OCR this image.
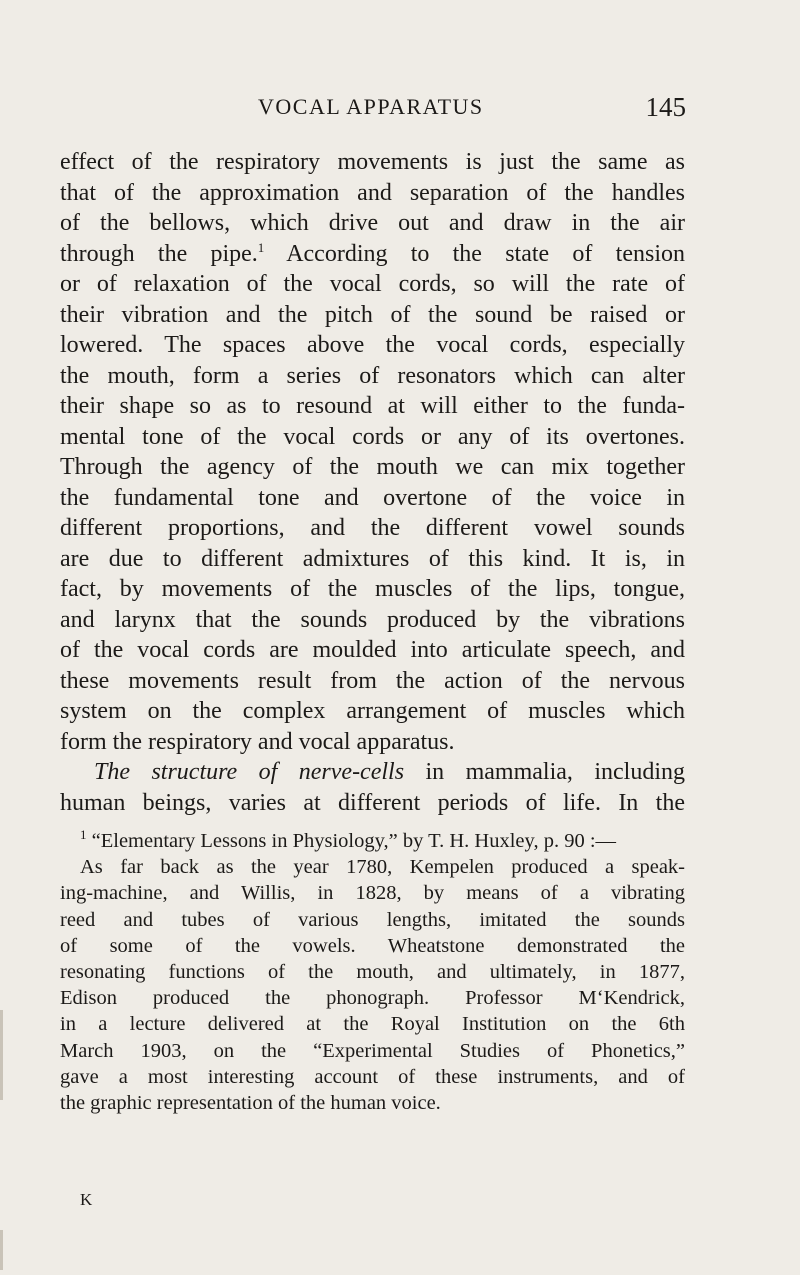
VOCAL APPARATUS	145
effect of the respiratory movements is just the same as
that of the approximation and separation of the handles
of the bellows, which drive out and draw in the air
through the pipe.$^1$ According to the state of tension
or of relaxation of the vocal cords, so will the rate of
their vibration and the pitch of the sound be raised or
lowered. The spaces above the vocal cords, especially
the mouth, form a series of resonators which can alter
their shape so as to resound at will either to the funda-
mental tone of the vocal cords or any of its overtones.
Through the agency of the mouth we can mix together
the fundamental tone and overtone of the voice in
different proportions, and the different vowel sounds
are due to different admixtures of this kind. It is, in
fact, by movements of the muscles of the lips, tongue,
and larynx that the sounds produced by the vibrations
of the vocal cords are moulded into articulate speech, and
these movements result from the action of the nervous
system on the complex arrangement of muscles which
form the respiratory and vocal apparatus.
The structure of nerve-cells in mammalia, including
human beings, varies at different periods of life. In the
$^1$ “Elementary Lessons in Physiology,” by T. H. Huxley, p. 90 :—
As far back as the year 1780, Kempelen produced a speak-
ing-machine, and Willis, in 1828, by means of a vibrating
reed and tubes of various lengths, imitated the sounds
of some of the vowels. Wheatstone demonstrated the
resonating functions of the mouth, and ultimately, in 1877,
Edison produced the phonograph. Professor M‘Kendrick,
in a lecture delivered at the Royal Institution on the 6th
March 1903, on the “Experimental Studies of Phonetics,”
gave a most interesting account of these instruments, and of
the graphic representation of the human voice.
K
